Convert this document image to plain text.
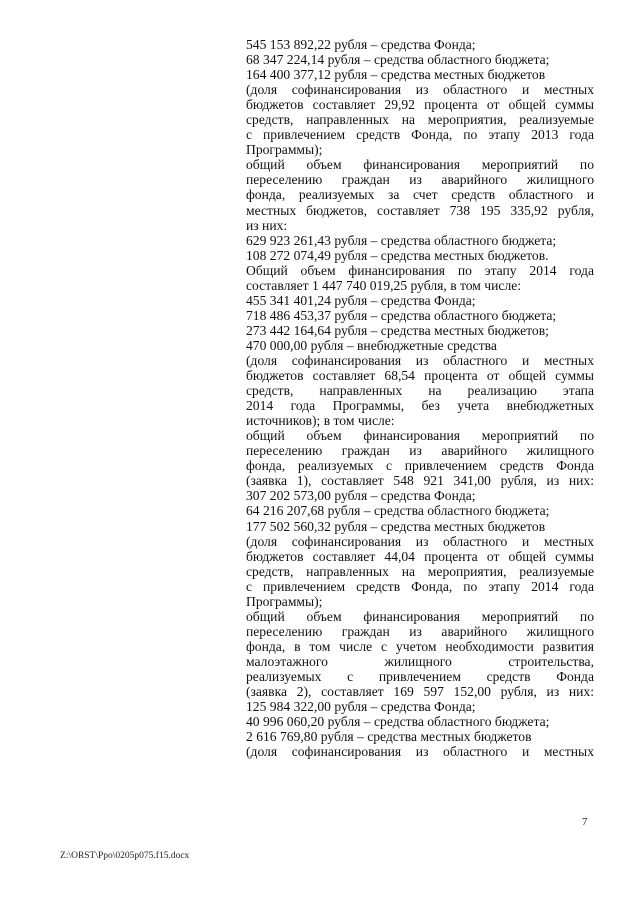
545 153 892,22 рубля – средства Фонда;
68 347 224,14 рубля – средства областного бюджета;
164 400 377,12 рубля – средства местных бюджетов
(доля софинансирования из областного и местных
бюджетов составляет 29,92 процента от общей суммы
средств, направленных на мероприятия, реализуемые
с привлечением средств Фонда, по этапу 2013 года
Программы);
общий объем финансирования мероприятий по
переселению граждан из аварийного жилищного
фонда, реализуемых за счет средств областного и
местных бюджетов, составляет 738 195 335,92 рубля,
из них:
629 923 261,43 рубля – средства областного бюджета;
108 272 074,49 рубля – средства местных бюджетов.
Общий объем финансирования по этапу 2014 года
составляет 1 447 740 019,25 рубля, в том числе:
455 341 401,24 рубля – средства Фонда;
718 486 453,37 рубля – средства областного бюджета;
273 442 164,64 рубля – средства местных бюджетов;
470 000,00 рубля – внебюджетные средства
(доля софинансирования из областного и местных
бюджетов составляет 68,54 процента от общей суммы
средств, направленных на реализацию этапа
2014 года Программы, без учета внебюджетных
источников); в том числе:
общий объем финансирования мероприятий по
переселению граждан из аварийного жилищного
фонда, реализуемых с привлечением средств Фонда
(заявка 1), составляет 548 921 341,00 рубля, из них:
307 202 573,00 рубля – средства Фонда;
64 216 207,68 рубля – средства областного бюджета;
177 502 560,32 рубля – средства местных бюджетов
(доля софинансирования из областного и местных
бюджетов составляет 44,04 процента от общей суммы
средств, направленных на мероприятия, реализуемые
с привлечением средств Фонда, по этапу 2014 года
Программы);
общий объем финансирования мероприятий по
переселению граждан из аварийного жилищного
фонда, в том числе с учетом необходимости развития
малоэтажного жилищного строительства,
реализуемых с привлечением средств Фонда
(заявка 2), составляет 169 597 152,00 рубля, из них:
125 984 322,00 рубля – средства Фонда;
40 996 060,20 рубля – средства областного бюджета;
2 616 769,80 рубля – средства местных бюджетов
(доля софинансирования из областного и местных
7
Z:\ORST\Ppo\0205p075.f15.docx
